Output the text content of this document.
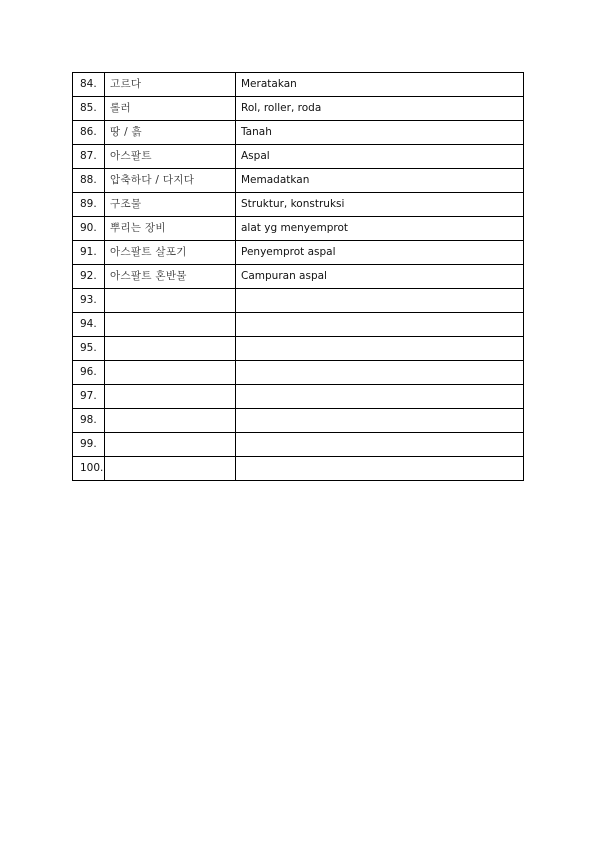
84.	고르다	Meratakan
85.	롤러	Rol, roller, roda
86.	땅 / 흙	Tanah
87.	아스팔트	Aspal
88.	압축하다 / 다지다	Memadatkan
89.	구조물	Struktur, konstruksi
90.	뿌리는 장비	alat yg menyemprot
91.	아스팔트 살포기	Penyemprot aspal
92.	아스팔트 혼반물	Campuran aspal
93.		
94.		
95.		
96.		
97.		
98.		
99.		
100.		
